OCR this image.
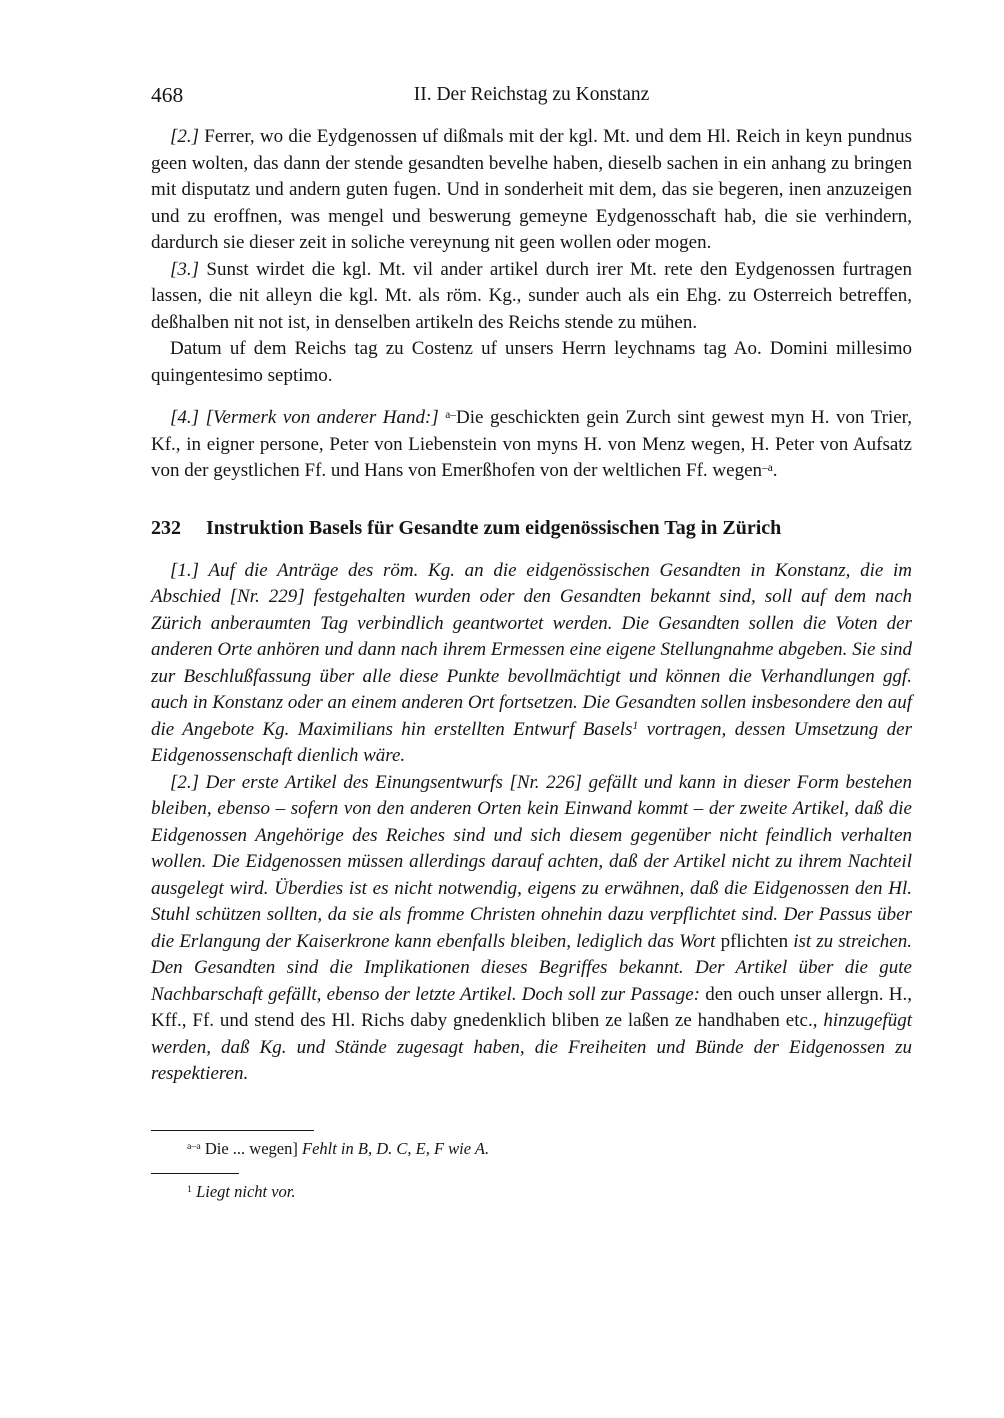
468	II. Der Reichstag zu Konstanz

[2.] Ferrer, wo die Eydgenossen uf dißmals mit der kgl. Mt. und dem Hl. Reich in keyn pundnus geen wolten, das dann der stende gesandten bevelhe haben, dieselb sachen in ein anhang zu bringen mit disputatz und andern guten fugen. Und in sonderheit mit dem, das sie begeren, inen anzuzeigen und zu eroffnen, was mengel und beswerung gemeyne Eydgenosschaft hab, die sie verhindern, dardurch sie dieser zeit in soliche vereynung nit geen wollen oder mogen.

[3.] Sunst wirdet die kgl. Mt. vil ander artikel durch irer Mt. rete den Eydgenossen furtragen lassen, die nit alleyn die kgl. Mt. als röm. Kg., sunder auch als ein Ehg. zu Osterreich betreffen, deßhalben nit not ist, in denselben artikeln des Reichs stende zu mühen.

Datum uf dem Reichs tag zu Costenz uf unsers Herrn leychnams tag Ao. Domini millesimo quingentesimo septimo.

[4.] [Vermerk von anderer Hand:] $^{a-}$Die geschickten gein Zurch sint gewest myn H. von Trier, Kf., in eigner persone, Peter von Liebenstein von myns H. von Menz wegen, H. Peter von Aufsatz von der geystlichen Ff. und Hans von Emerßhofen von der weltlichen Ff. wegen$^{-a}$.

232 Instruktion Basels für Gesandte zum eidgenössischen Tag in Zürich

[1.] Auf die Anträge des röm. Kg. an die eidgenössischen Gesandten in Konstanz, die im Abschied [Nr. 229] festgehalten wurden oder den Gesandten bekannt sind, soll auf dem nach Zürich anberaumten Tag verbindlich geantwortet werden. Die Gesandten sollen die Voten der anderen Orte anhören und dann nach ihrem Ermessen eine eigene Stellungnahme abgeben. Sie sind zur Beschlußfassung über alle diese Punkte bevollmächtigt und können die Verhandlungen ggf. auch in Konstanz oder an einem anderen Ort fortsetzen. Die Gesandten sollen insbesondere den auf die Angebote Kg. Maximilians hin erstellten Entwurf Basels$^1$ vortragen, dessen Umsetzung der Eidgenossenschaft dienlich wäre.

[2.] Der erste Artikel des Einungsentwurfs [Nr. 226] gefällt und kann in dieser Form bestehen bleiben, ebenso – sofern von den anderen Orten kein Einwand kommt – der zweite Artikel, daß die Eidgenossen Angehörige des Reiches sind und sich diesem gegenüber nicht feindlich verhalten wollen. Die Eidgenossen müssen allerdings darauf achten, daß der Artikel nicht zu ihrem Nachteil ausgelegt wird. Überdies ist es nicht notwendig, eigens zu erwähnen, daß die Eidgenossen den Hl. Stuhl schützen sollten, da sie als fromme Christen ohnehin dazu verpflichtet sind. Der Passus über die Erlangung der Kaiserkrone kann ebenfalls bleiben, lediglich das Wort pflichten ist zu streichen. Den Gesandten sind die Implikationen dieses Begriffes bekannt. Der Artikel über die gute Nachbarschaft gefällt, ebenso der letzte Artikel. Doch soll zur Passage: den ouch unser allergn. H., Kff., Ff. und stend des Hl. Richs daby gnedenklich bliben ze laßen ze handhaben etc., hinzugefügt werden, daß Kg. und Stände zugesagt haben, die Freiheiten und Bünde der Eidgenossen zu respektieren.

$^{a-a}$ Die ... wegen] Fehlt in B, D. C, E, F wie A.

$^1$ Liegt nicht vor.
